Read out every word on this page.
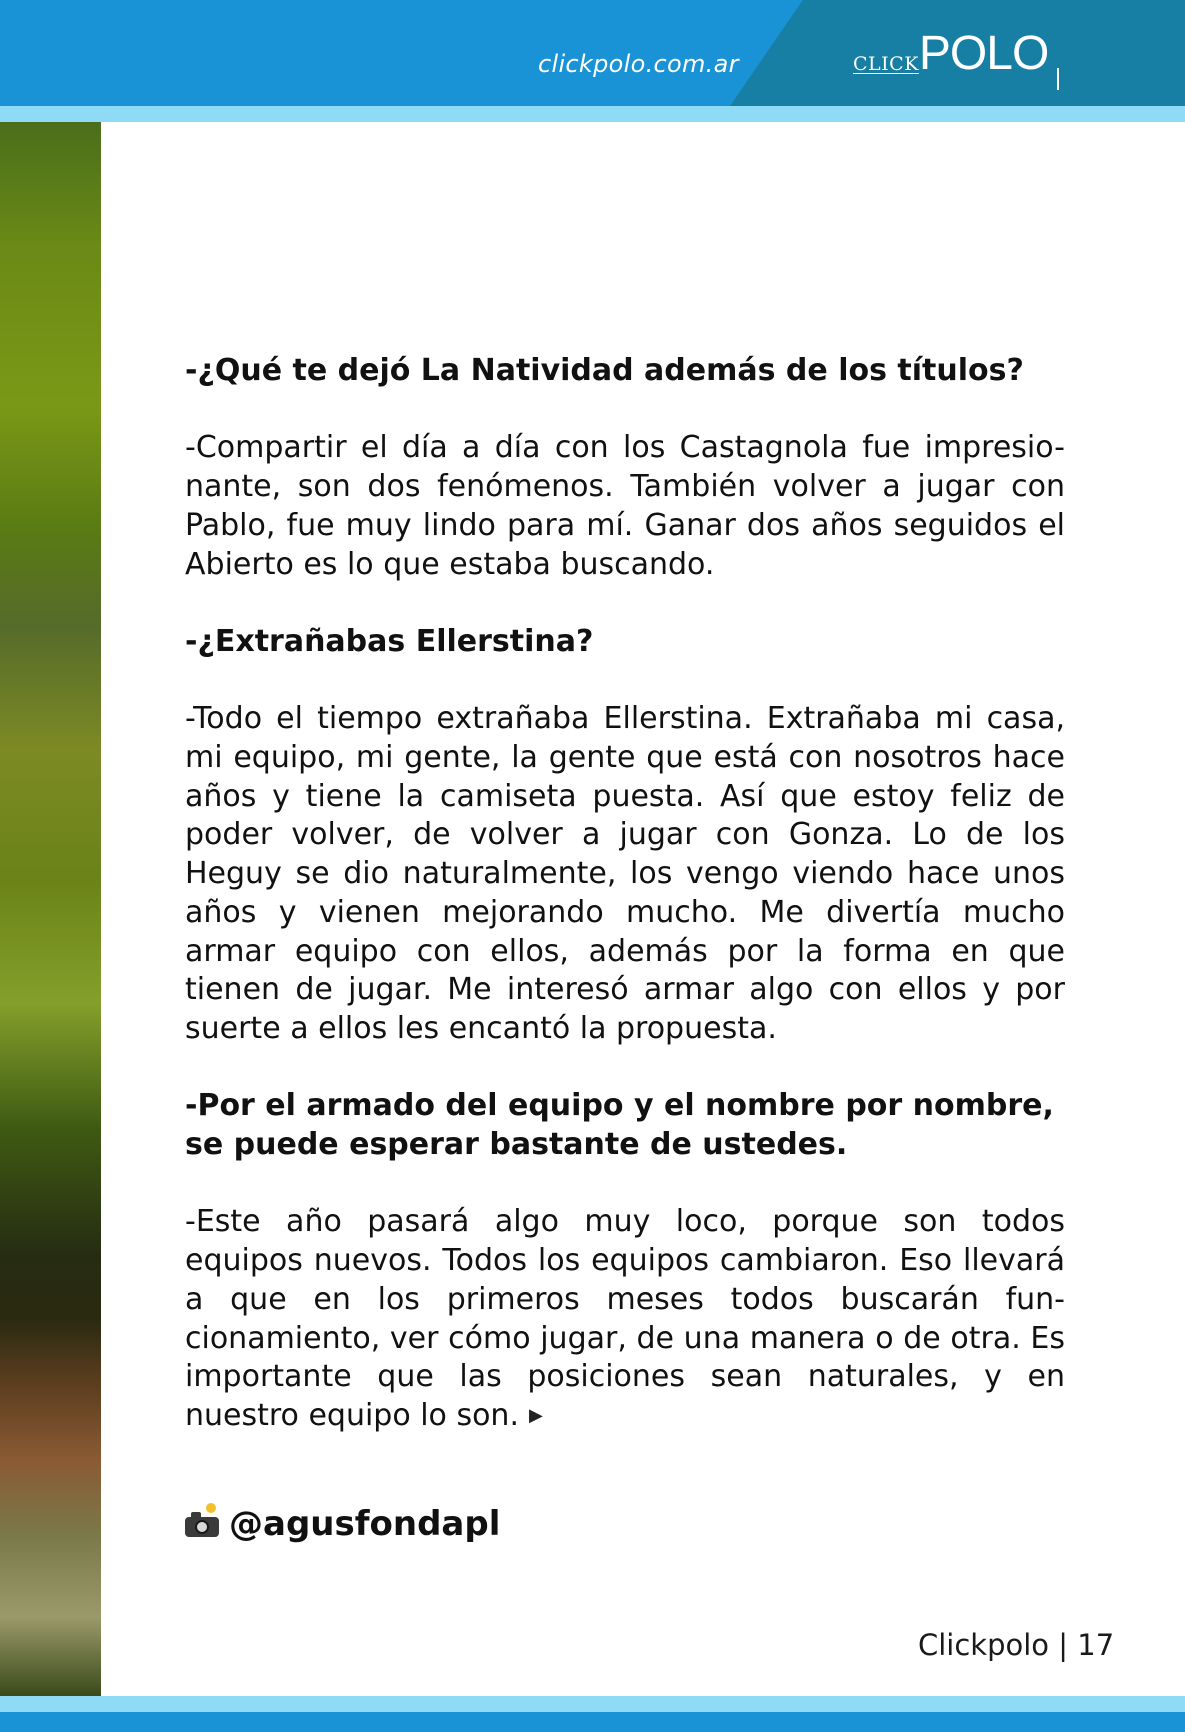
clickpolo.com.ar	CLICKPOLO

-¿Qué te dejó La Natividad además de los títulos?

-Compartir el día a día con los Castagnola fue impresio- nante, son dos fenómenos. También volver a jugar con Pablo, fue muy lindo para mí. Ganar dos años seguidos el Abierto es lo que estaba buscando.

-¿Extrañabas Ellerstina?

-Todo el tiempo extrañaba Ellerstina. Extrañaba mi casa, mi equipo, mi gente, la gente que está con nosotros hace años y tiene la camiseta puesta. Así que estoy feliz de poder volver, de volver a jugar con Gonza. Lo de los Heguy se dio naturalmente, los vengo viendo hace unos años y vienen mejorando mucho. Me divertía mucho armar equipo con ellos, además por la forma en que tienen de jugar. Me interesó armar algo con ellos y por suerte a ellos les encantó la propuesta.

-Por el armado del equipo y el nombre por nombre, se puede esperar bastante de ustedes.

-Este año pasará algo muy loco, porque son todos equipos nuevos. Todos los equipos cambiaron. Eso llevará a que en los primeros meses todos buscarán fun- cionamiento, ver cómo jugar, de una manera o de otra. Es importante que las posiciones sean naturales, y en nuestro equipo lo son. ▶

@agusfondapl
Clickpolo | 17
